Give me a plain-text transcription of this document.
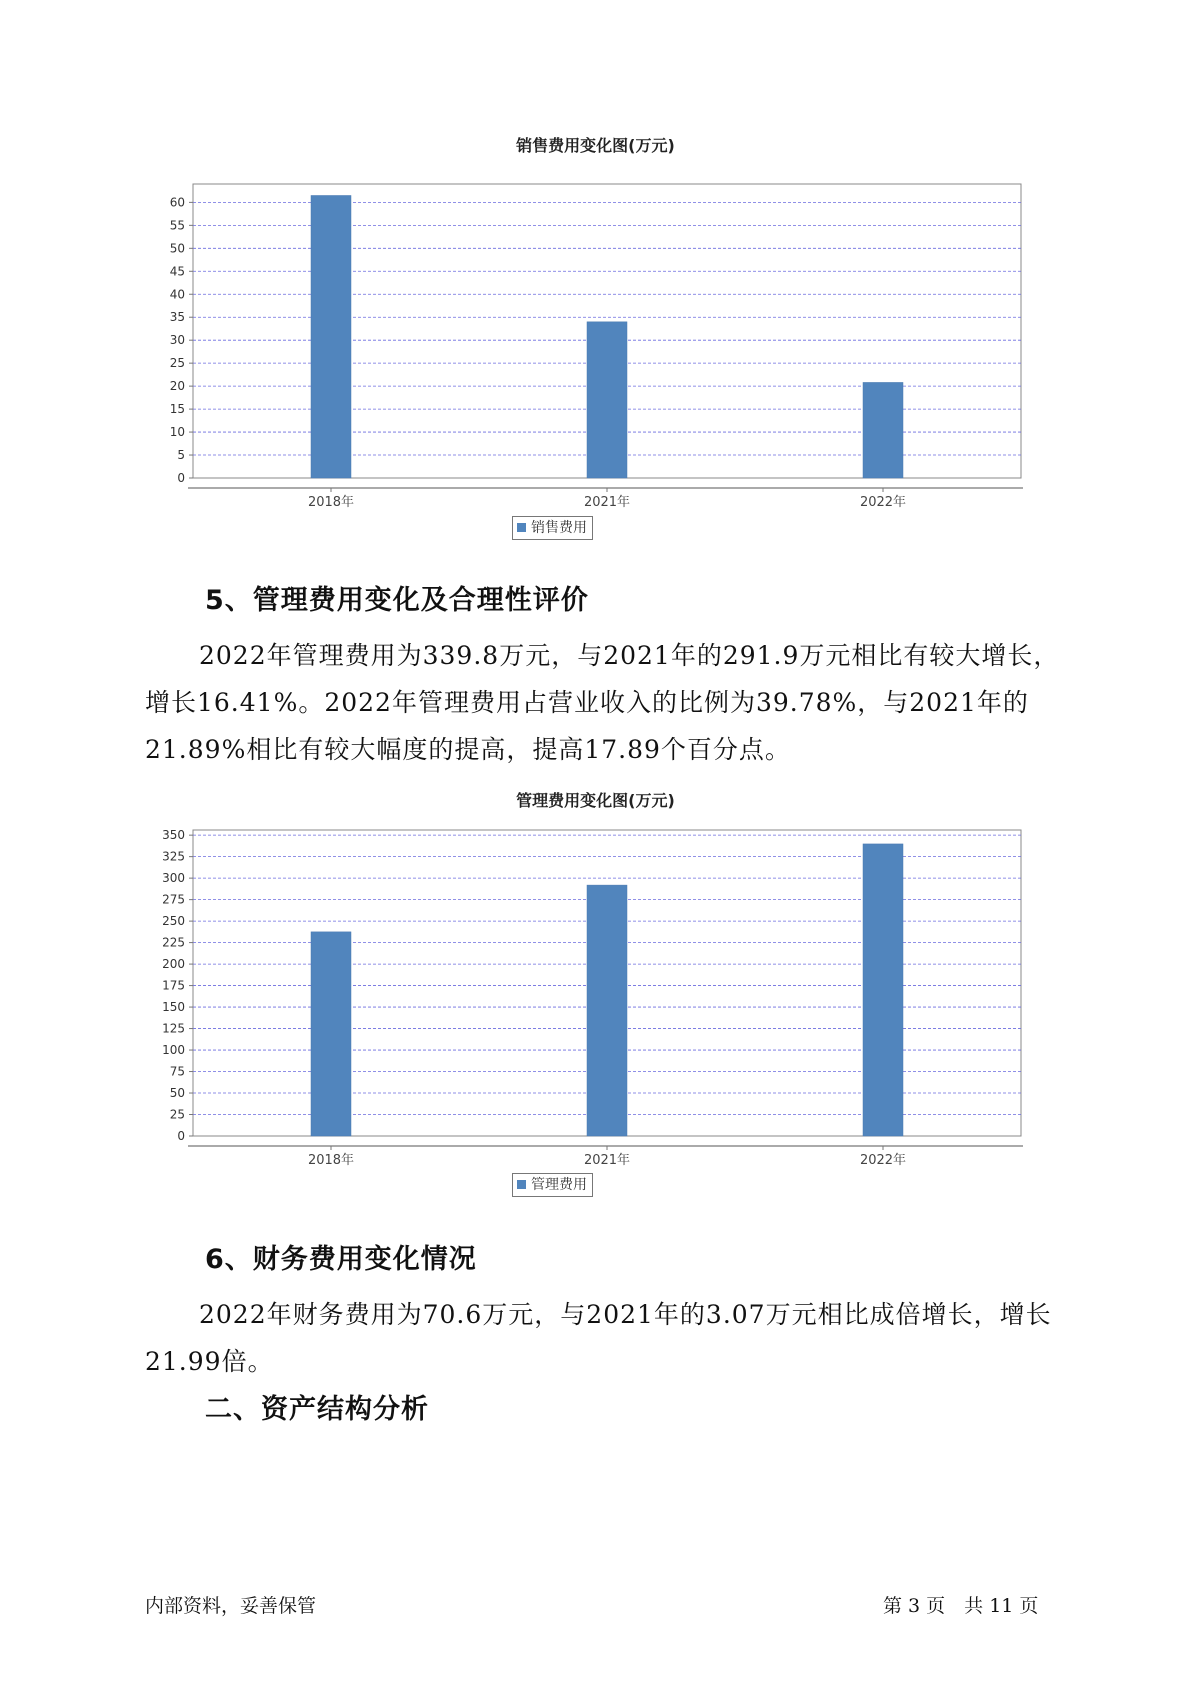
销售费用变化图(万元)
0
5
10
15
20
25
30
35
40
45
50
55
60
2018年	2021年	2022年
销售费用
5、管理费用变化及合理性评价

2022年管理费用为339.8万元，与2021年的291.9万元相比有较大增长，增长16.41%。2022年管理费用占营业收入的比例为39.78%，与2021年的21.89%相比有较大幅度的提高，提高17.89个百分点。

管理费用变化图(万元)
0
25
50
75
100
125
150
175
200
225
250
275
300
325
350
2018年	2021年	2022年
管理费用
6、财务费用变化情况

2022年财务费用为70.6万元，与2021年的3.07万元相比成倍增长，增长21.99倍。

二、资产结构分析
内部资料，妥善保管	第 3 页　共 11 页
